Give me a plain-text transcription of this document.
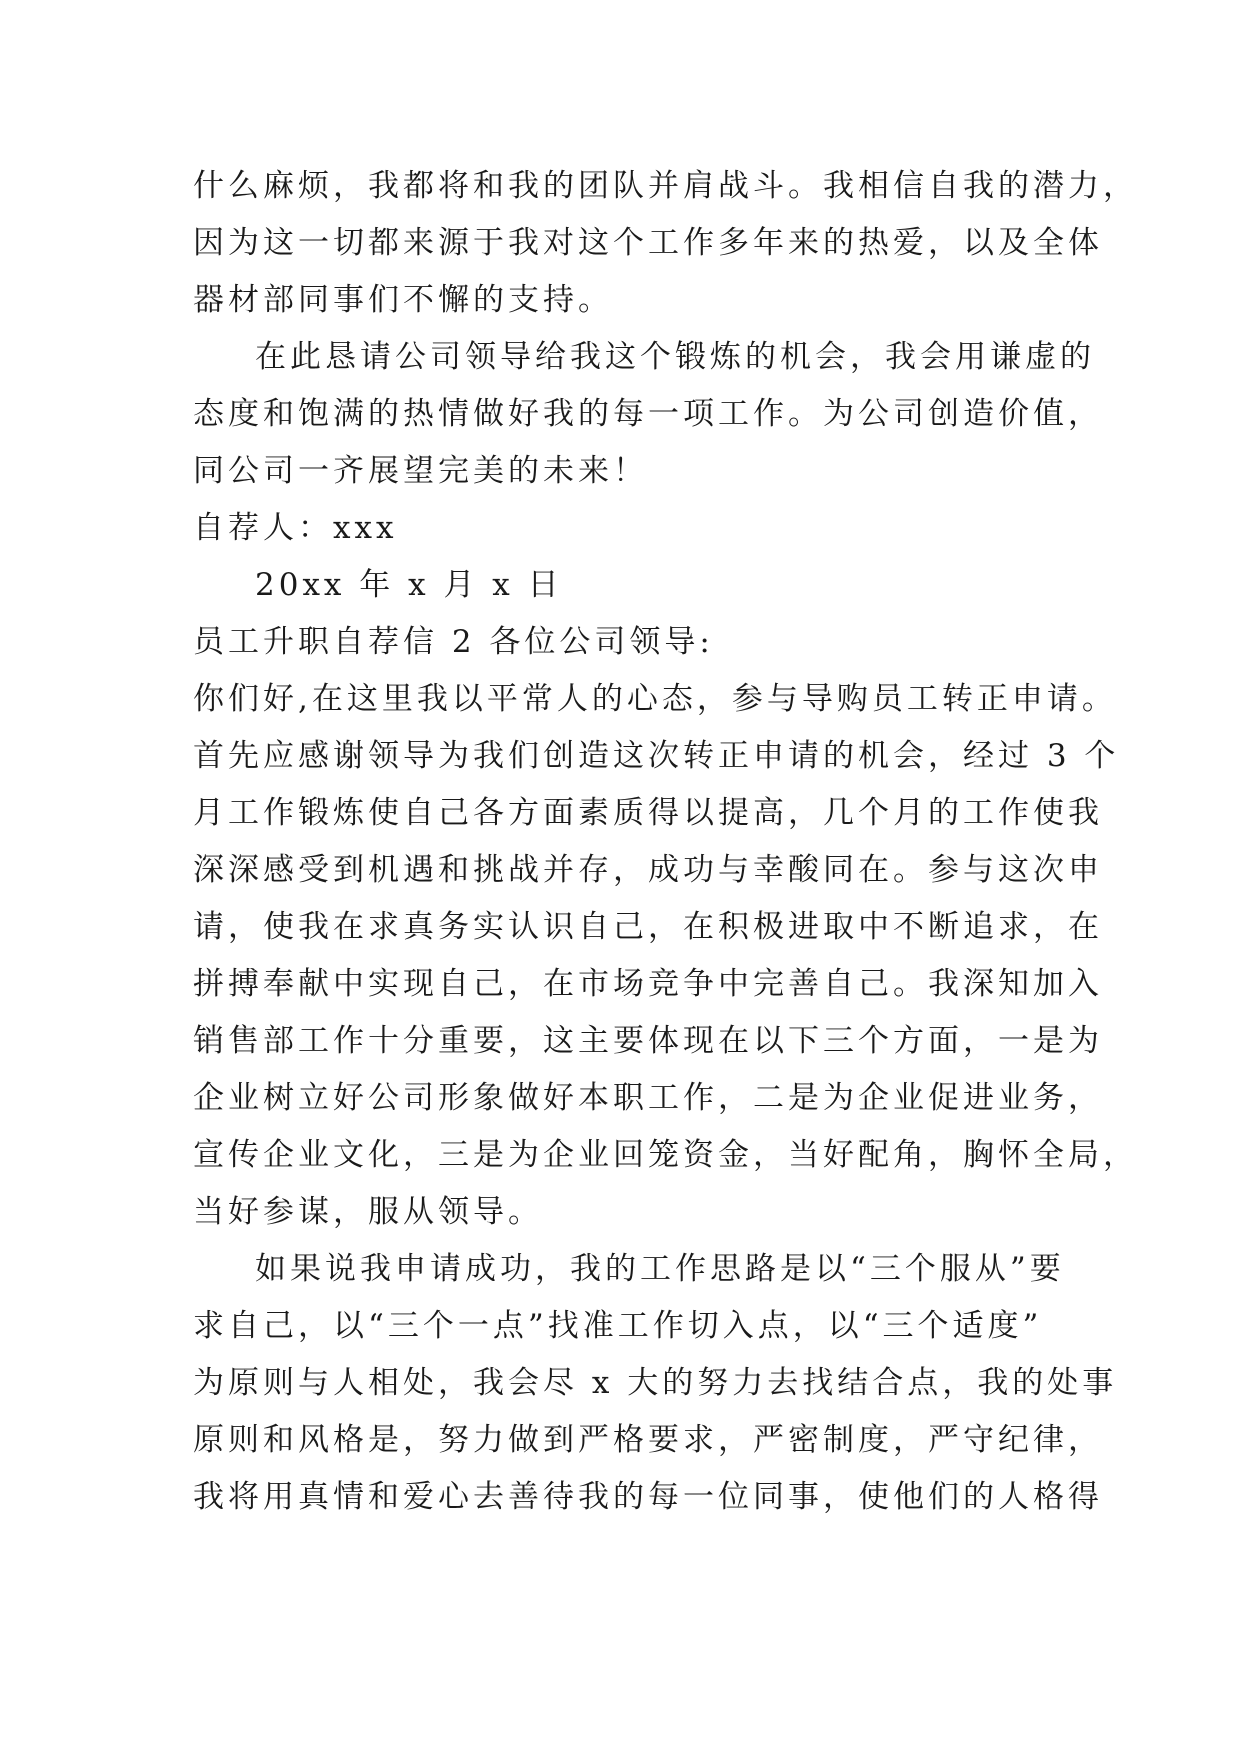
什么麻烦，我都将和我的团队并肩战斗。我相信自我的潜力，
因为这一切都来源于我对这个工作多年来的热爱，以及全体
器材部同事们不懈的支持。
在此恳请公司领导给我这个锻炼的机会，我会用谦虚的
态度和饱满的热情做好我的每一项工作。为公司创造价值，
同公司一齐展望完美的未来！
自荐人：xxx
20xx 年 x 月 x 日
员工升职自荐信 2 各位公司领导:
你们好,在这里我以平常人的心态，参与导购员工转正申请。
首先应感谢领导为我们创造这次转正申请的机会，经过 3 个
月工作锻炼使自己各方面素质得以提高，几个月的工作使我
深深感受到机遇和挑战并存，成功与幸酸同在。参与这次申
请，使我在求真务实认识自己，在积极进取中不断追求，在
拼搏奉献中实现自己，在市场竞争中完善自己。我深知加入
销售部工作十分重要，这主要体现在以下三个方面，一是为
企业树立好公司形象做好本职工作，二是为企业促进业务，
宣传企业文化，三是为企业回笼资金，当好配角，胸怀全局，
当好参谋，服从领导。
如果说我申请成功，我的工作思路是以“三个服从”要
求自己，以“三个一点”找准工作切入点，以“三个适度”
为原则与人相处，我会尽 x 大的努力去找结合点，我的处事
原则和风格是，努力做到严格要求，严密制度，严守纪律，
我将用真情和爱心去善待我的每一位同事，使他们的人格得
